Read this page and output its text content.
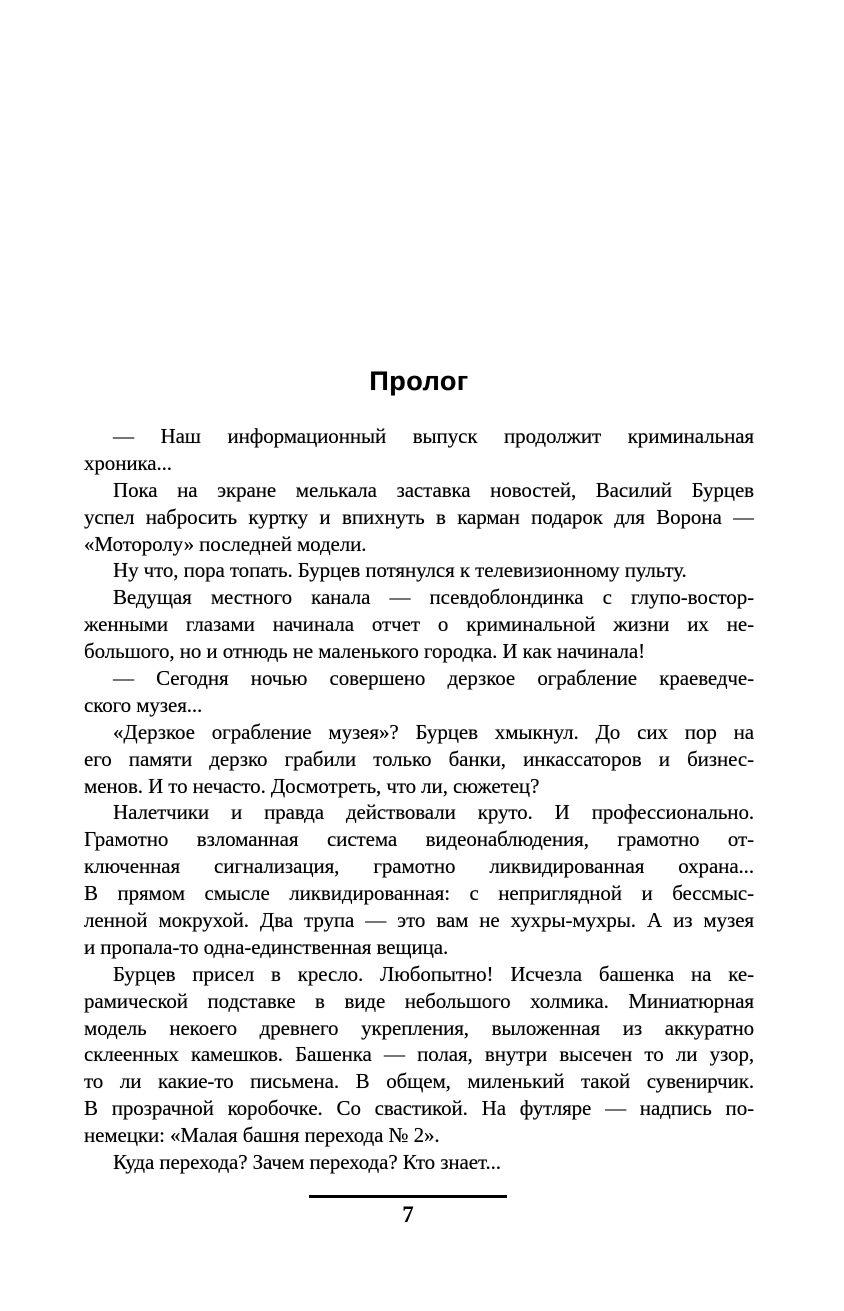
Пролог
— Наш информационный выпуск продолжит криминальная
хроника...
Пока на экране мелькала заставка новостей, Василий Бурцев
успел набросить куртку и впихнуть в карман подарок для Ворона —
«Моторолу» последней модели.
Ну что, пора топать. Бурцев потянулся к телевизионному пульту.
Ведущая местного канала — псевдоблондинка с глупо-востор-
женными глазами начинала отчет о криминальной жизни их не-
большого, но и отнюдь не маленького городка. И как начинала!
— Сегодня ночью совершено дерзкое ограбление краеведче-
ского музея...
«Дерзкое ограбление музея»? Бурцев хмыкнул. До сих пор на
его памяти дерзко грабили только банки, инкассаторов и бизнес-
менов. И то нечасто. Досмотреть, что ли, сюжетец?
Налетчики и правда действовали круто. И профессионально.
Грамотно взломанная система видеонаблюдения, грамотно от-
ключенная сигнализация, грамотно ликвидированная охрана...
В прямом смысле ликвидированная: с неприглядной и бессмыс-
ленной мокрухой. Два трупа — это вам не хухры-мухры. А из музея
и пропала-то одна-единственная вещица.
Бурцев присел в кресло. Любопытно! Исчезла башенка на ке-
рамической подставке в виде небольшого холмика. Миниатюрная
модель некоего древнего укрепления, выложенная из аккуратно
склеенных камешков. Башенка — полая, внутри высечен то ли узор,
то ли какие-то письмена. В общем, миленький такой сувенирчик.
В прозрачной коробочке. Со свастикой. На футляре — надпись по-
немецки: «Малая башня перехода № 2».
Куда перехода? Зачем перехода? Кто знает...
7
